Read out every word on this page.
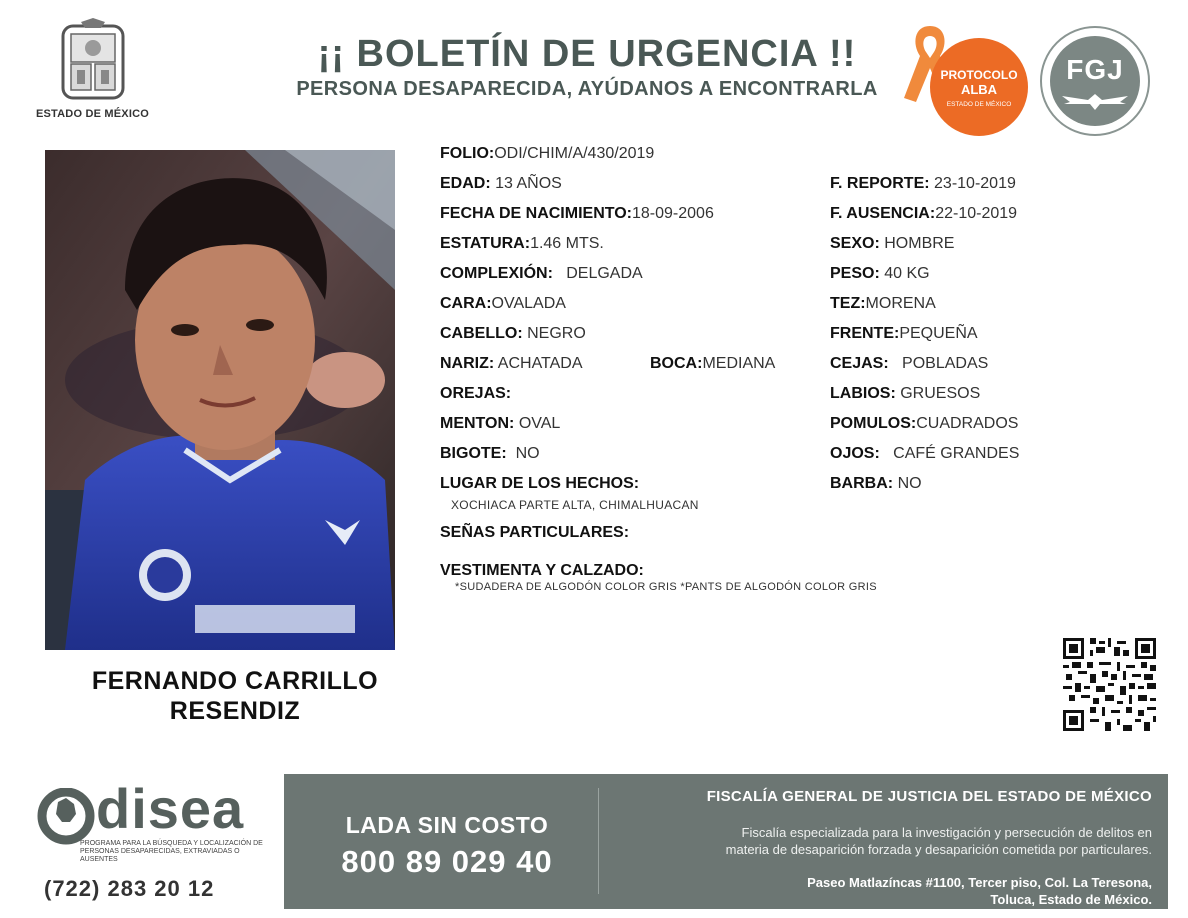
ESTADO DE MÉXICO
¡¡ BOLETÍN DE URGENCIA !!
PERSONA DESAPARECIDA, AYÚDANOS A ENCONTRARLA
PROTOCOLO
ALBA
ESTADO DE MÉXICO
FGJ
FERNANDO CARRILLO
RESENDIZ
FOLIO:ODI/CHIM/A/430/2019
EDAD: 13 AÑOS
FECHA DE NACIMIENTO:18-09-2006
ESTATURA:1.46 MTS.
COMPLEXIÓN: DELGADA
CARA:OVALADA
CABELLO: NEGRO
NARIZ: ACHATADA	BOCA:MEDIANA
OREJAS:
MENTON: OVAL
BIGOTE: NO
LUGAR DE LOS HECHOS:
XOCHIACA PARTE ALTA, CHIMALHUACAN
SEÑAS PARTICULARES:
VESTIMENTA Y CALZADO:
*SUDADERA DE ALGODÓN COLOR GRIS *PANTS DE ALGODÓN COLOR GRIS
F. REPORTE: 23-10-2019
F. AUSENCIA:22-10-2019
SEXO: HOMBRE
PESO: 40 KG
TEZ:MORENA
FRENTE:PEQUEÑA
CEJAS: POBLADAS
LABIOS: GRUESOS
POMULOS:CUADRADOS
OJOS: CAFÉ GRANDES
BARBA: NO
disea
PROGRAMA PARA LA BÚSQUEDA Y LOCALIZACIÓN DE PERSONAS DESAPARECIDAS, EXTRAVIADAS O AUSENTES
(722) 283 20 12
LADA SIN COSTO
800 89 029 40
FISCALÍA GENERAL DE JUSTICIA DEL ESTADO DE MÉXICO
Fiscalía especializada para la investigación y persecución de delitos en
materia de desaparición forzada y desaparición cometida por particulares.
Paseo Matlazíncas #1100, Tercer piso, Col. La Teresona,
Toluca, Estado de México.
